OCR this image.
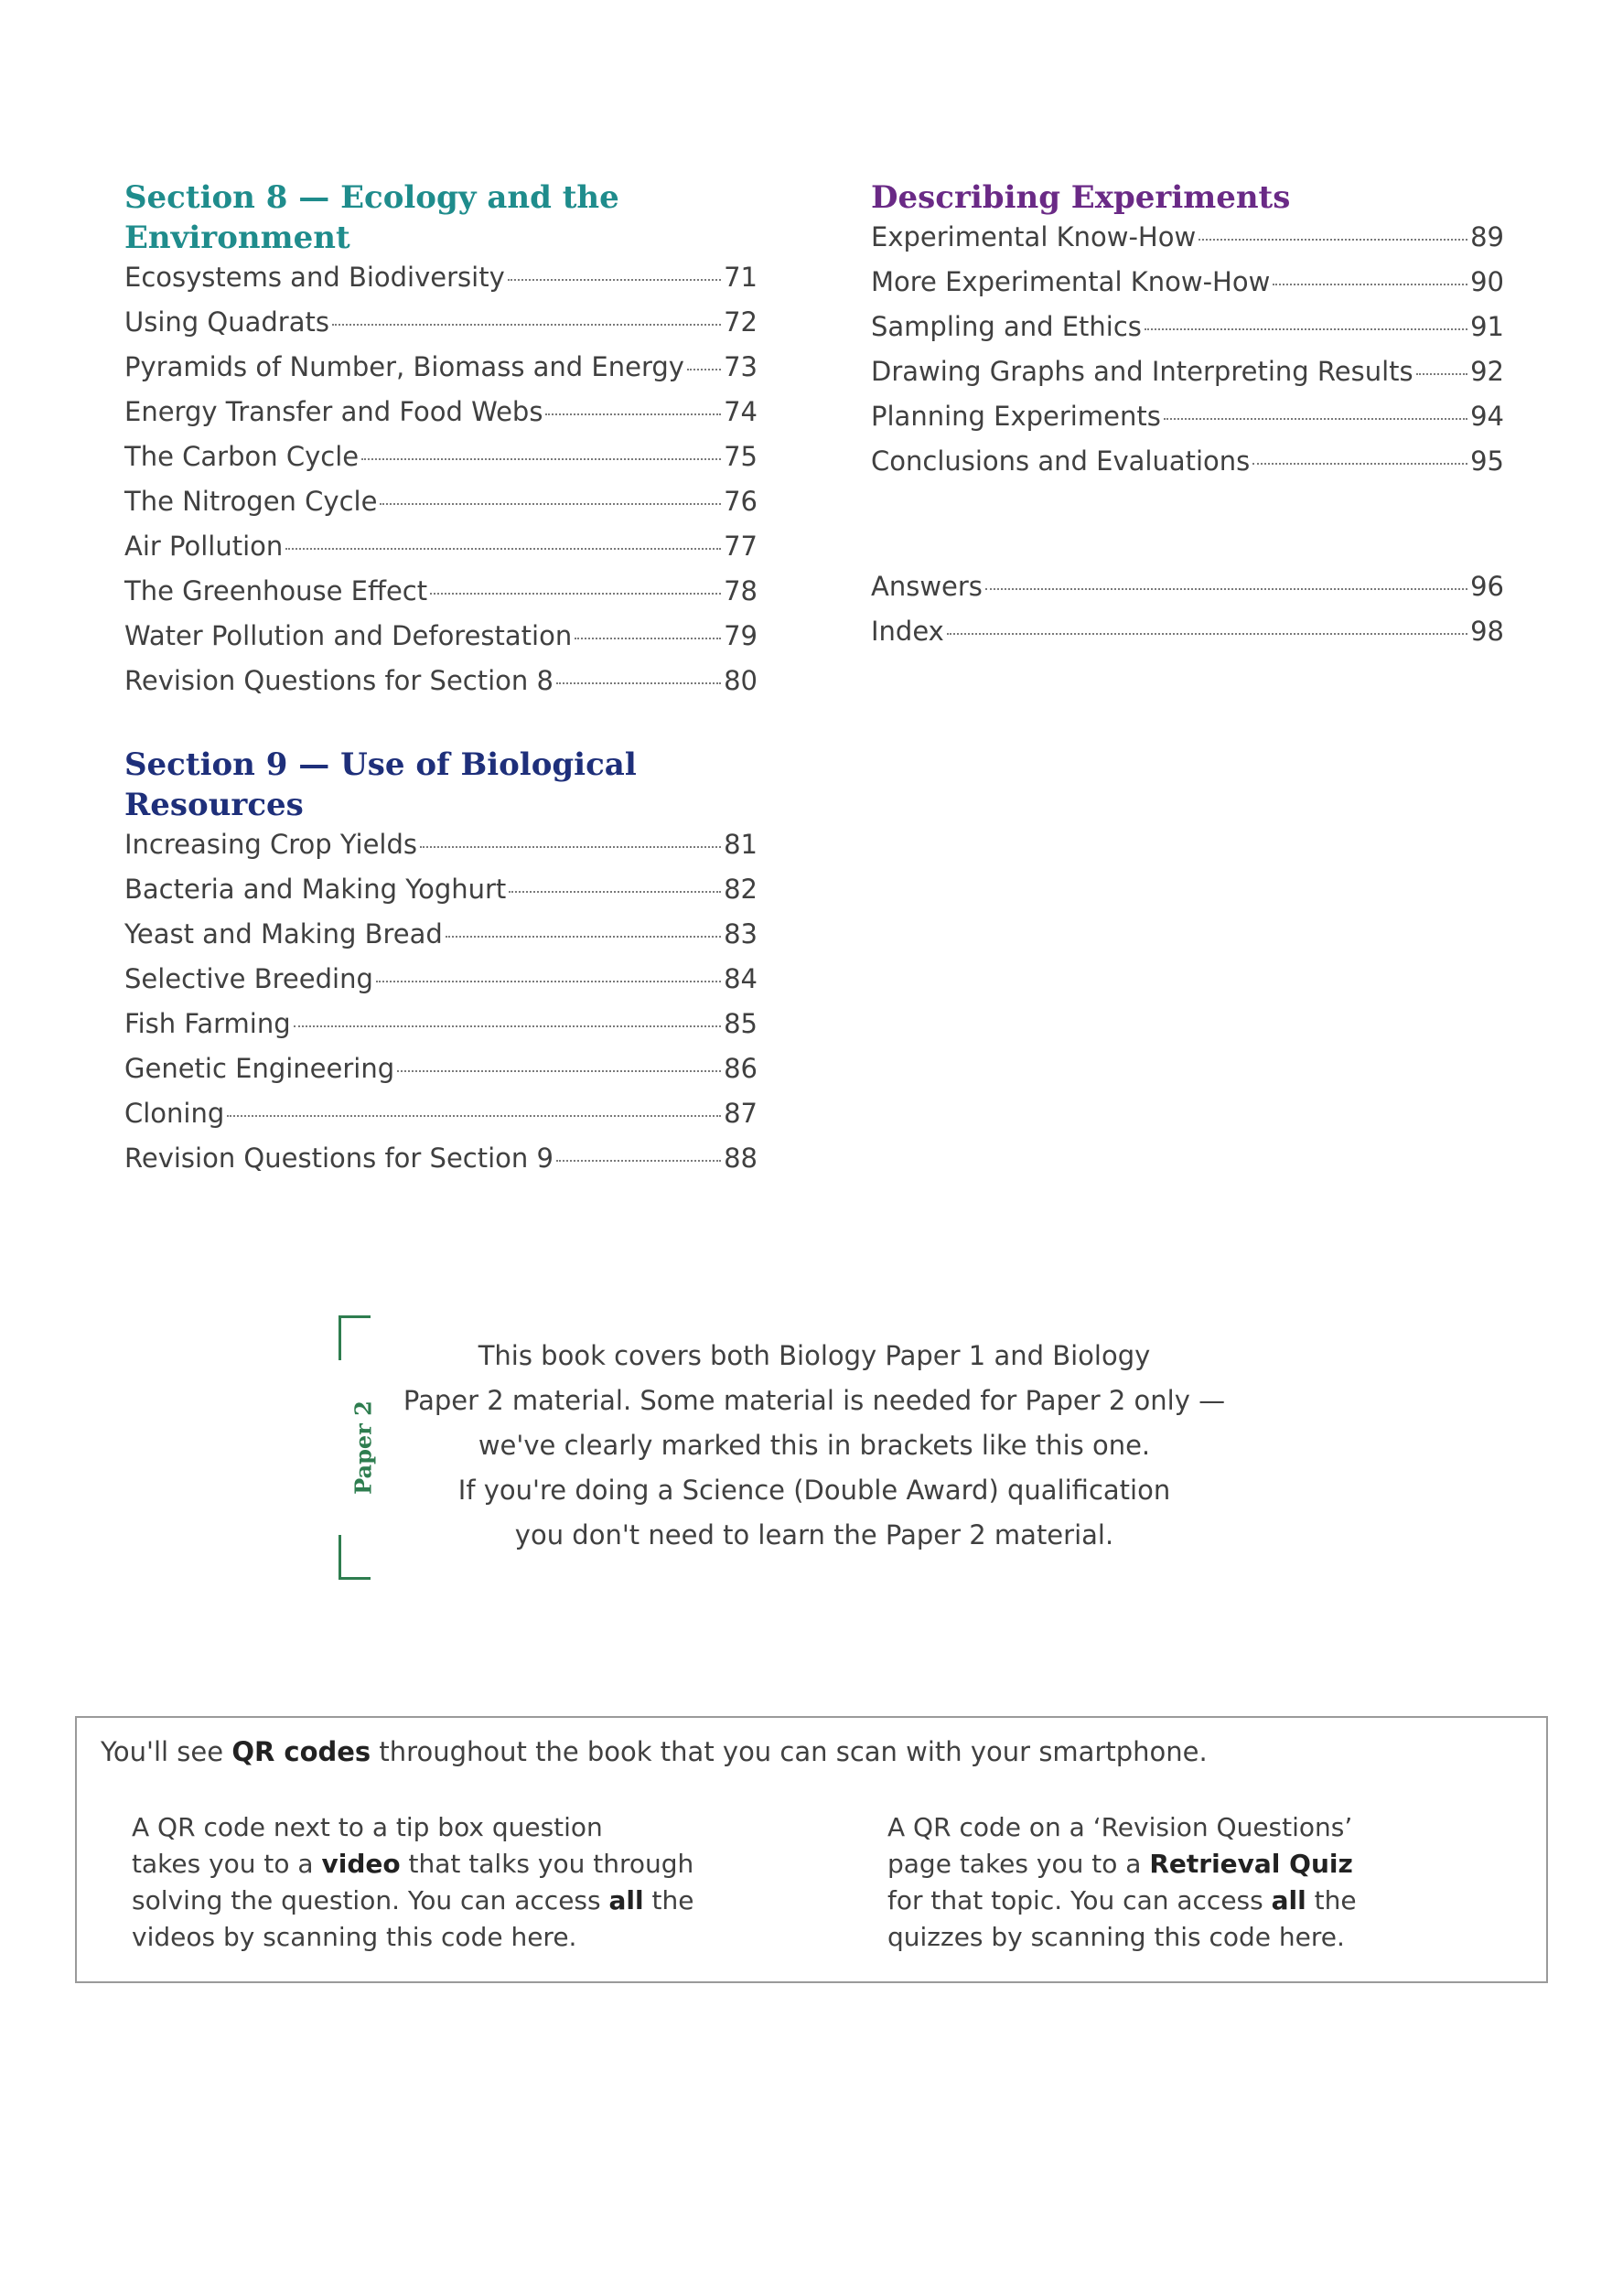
Section 8 — Ecology and the
Environment
Ecosystems and Biodiversity	71
Using Quadrats	72
Pyramids of Number, Biomass and Energy 73
Energy Transfer and Food Webs	74
The Carbon Cycle	75
The Nitrogen Cycle	76
Air Pollution	77
The Greenhouse Effect	78
Water Pollution and Deforestation	79
Revision Questions for Section 8	80
Section 9 — Use of Biological
Resources
Increasing Crop Yields	81
Bacteria and Making Yoghurt	82
Yeast and Making Bread	83
Selective Breeding	84
Fish Farming	85
Genetic Engineering	86
Cloning	87
Revision Questions for Section 9	88
Describing Experiments
Experimental Know-How	89
More Experimental Know-How	90
Sampling and Ethics	91
Drawing Graphs and Interpreting Results 92
Planning Experiments	94
Conclusions and Evaluations	95
Answers	96
Index	98
Paper 2
This book covers both Biology Paper 1 and Biology
Paper 2 material. Some material is needed for Paper 2 only —
we've clearly marked this in brackets like this one.
If you're doing a Science (Double Award) qualification
you don't need to learn the Paper 2 material.
You'll see QR codes throughout the book that you can scan with your smartphone.
A QR code next to a tip box question
takes you to a video that talks you through
solving the question. You can access all the
videos by scanning this code here.
A QR code on a ‘Revision Questions’
page takes you to a Retrieval Quiz
for that topic. You can access all the
quizzes by scanning this code here.
